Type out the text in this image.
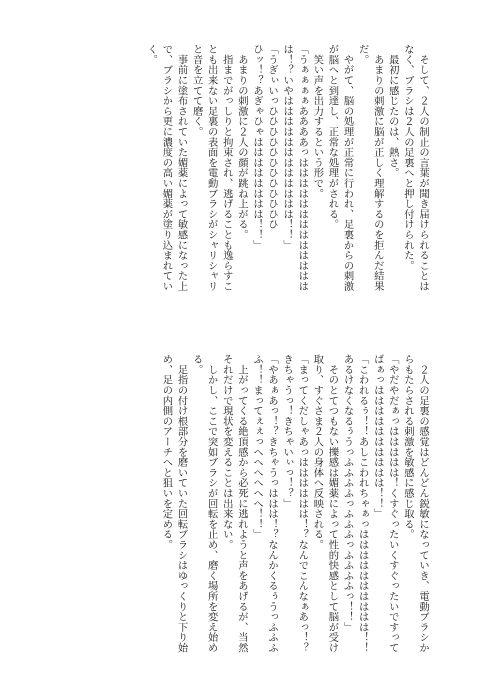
　そして、２人の制止の言葉が聞き届けられることはなく、ブラシは２人の足裏へと押し付けられた。

　最初に感じたのは、熱さ。

　あまりの刺激に脳が正しく理解するのを拒んだ結果だ。

　やがて、脳の処理が正常に行われ、足裏からの刺激が脳へと到達し、正常な処理がされる。

　笑い声を出力するという形で。

「うぁぁぁぁああああっはははははははははははははは！？いやはははははははははははは！！」

「うぎぃいっひひひひひひひひひひひひ

ひッ！？あぎゃひゃはははははははは！！」

　あまりの刺激に２人の顔が跳ね上がる。

　指までがっしりと拘束され、逃げることも逸らすことも出来ない足裏の表面を電動ブラシがシャリシャリと音を立てて磨く。

　事前に塗布されていた媚薬によって敏感になった上で、ブラシから更に濃度の高い媚薬が塗り込まれていく。

　２人の足裏の感覚はどんどん鋭敏になっていき、電動ブラシからもたらされる刺激を敏感に感じ取る。

「やだやだぁっははははは！くすぐったいくすぐったいですってばぁっはははははははははは！！」

「こわれるぅ！！あしこわれちゃぁっはははははははははは！！あるけなくなるぅうっふふふふっふふふっふふふふっ！！」

　そのとてつもない擽感は媚薬によって性的快感として脳が受け取り、すぐさま２人の身体へ反映される。

「まってくだしゃあっはははははは！？なんでこんなぁあっ！？きちゃうっ！きちゃいぃっ！？」

「やあぁあっ！？きちゃうっははは！？なんかくるぅうっふふふふ！！まってぇぇっへへへへへへ！！」

　上がってくる絶頂感から必死に逃れようと声をあげるが、当然それだけで現状を変えることは出来ない。

　しかし、ここで突如ブラシが回転を止め、磨く場所を変え始める。

　足指の付け根部分を磨いていた回転ブラシはゆっくりと下り始め、足の内側のアーチへと狙いを定める。
